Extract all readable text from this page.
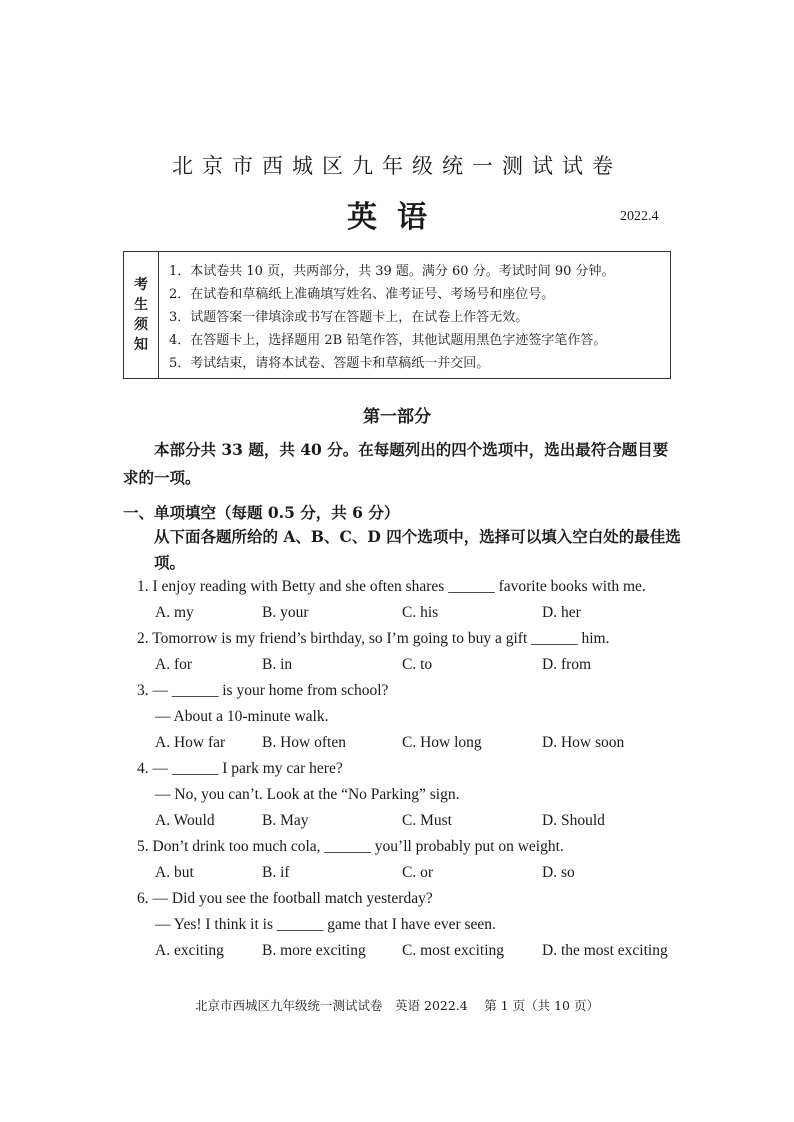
北京市西城区九年级统一测试试卷
英语	2022.4
考
生
须
知
1．本试卷共 10 页，共两部分，共 39 题。满分 60 分。考试时间 90 分钟。
2．在试卷和草稿纸上准确填写姓名、准考证号、考场号和座位号。
3．试题答案一律填涂或书写在答题卡上，在试卷上作答无效。
4．在答题卡上，选择题用 2B 铅笔作答，其他试题用黑色字迹签字笔作答。
5．考试结束，请将本试卷、答题卡和草稿纸一并交回。
第一部分
本部分共 33 题，共 40 分。在每题列出的四个选项中，选出最符合题目要求的一项。
一、单项填空（每题 0.5 分，共 6 分）
从下面各题所给的 A、B、C、D 四个选项中，选择可以填入空白处的最佳选项。
1. I enjoy reading with Betty and she often shares ______ favorite books with me.
A. my	B. your	C. his	D. her
2. Tomorrow is my friend’s birthday, so I’m going to buy a gift ______ him.
A. for	B. in	C. to	D. from
3. — ______ is your home from school?
— About a 10-minute walk.
A. How far B. How often	C. How long	D. How soon
4. — ______ I park my car here?
— No, you can’t. Look at the “No Parking” sign.
A. Would	B. May	C. Must	D. Should
5. Don’t drink too much cola, ______ you’ll probably put on weight.
A. but	B. if	C. or	D. so
6. — Did you see the football match yesterday?
— Yes! I think it is ______ game that I have ever seen.
A. exciting B. more exciting C. most exciting D. the most exciting
北京市西城区九年级统一测试试卷　英语 2022.4　 第 1 页（共 10 页）
